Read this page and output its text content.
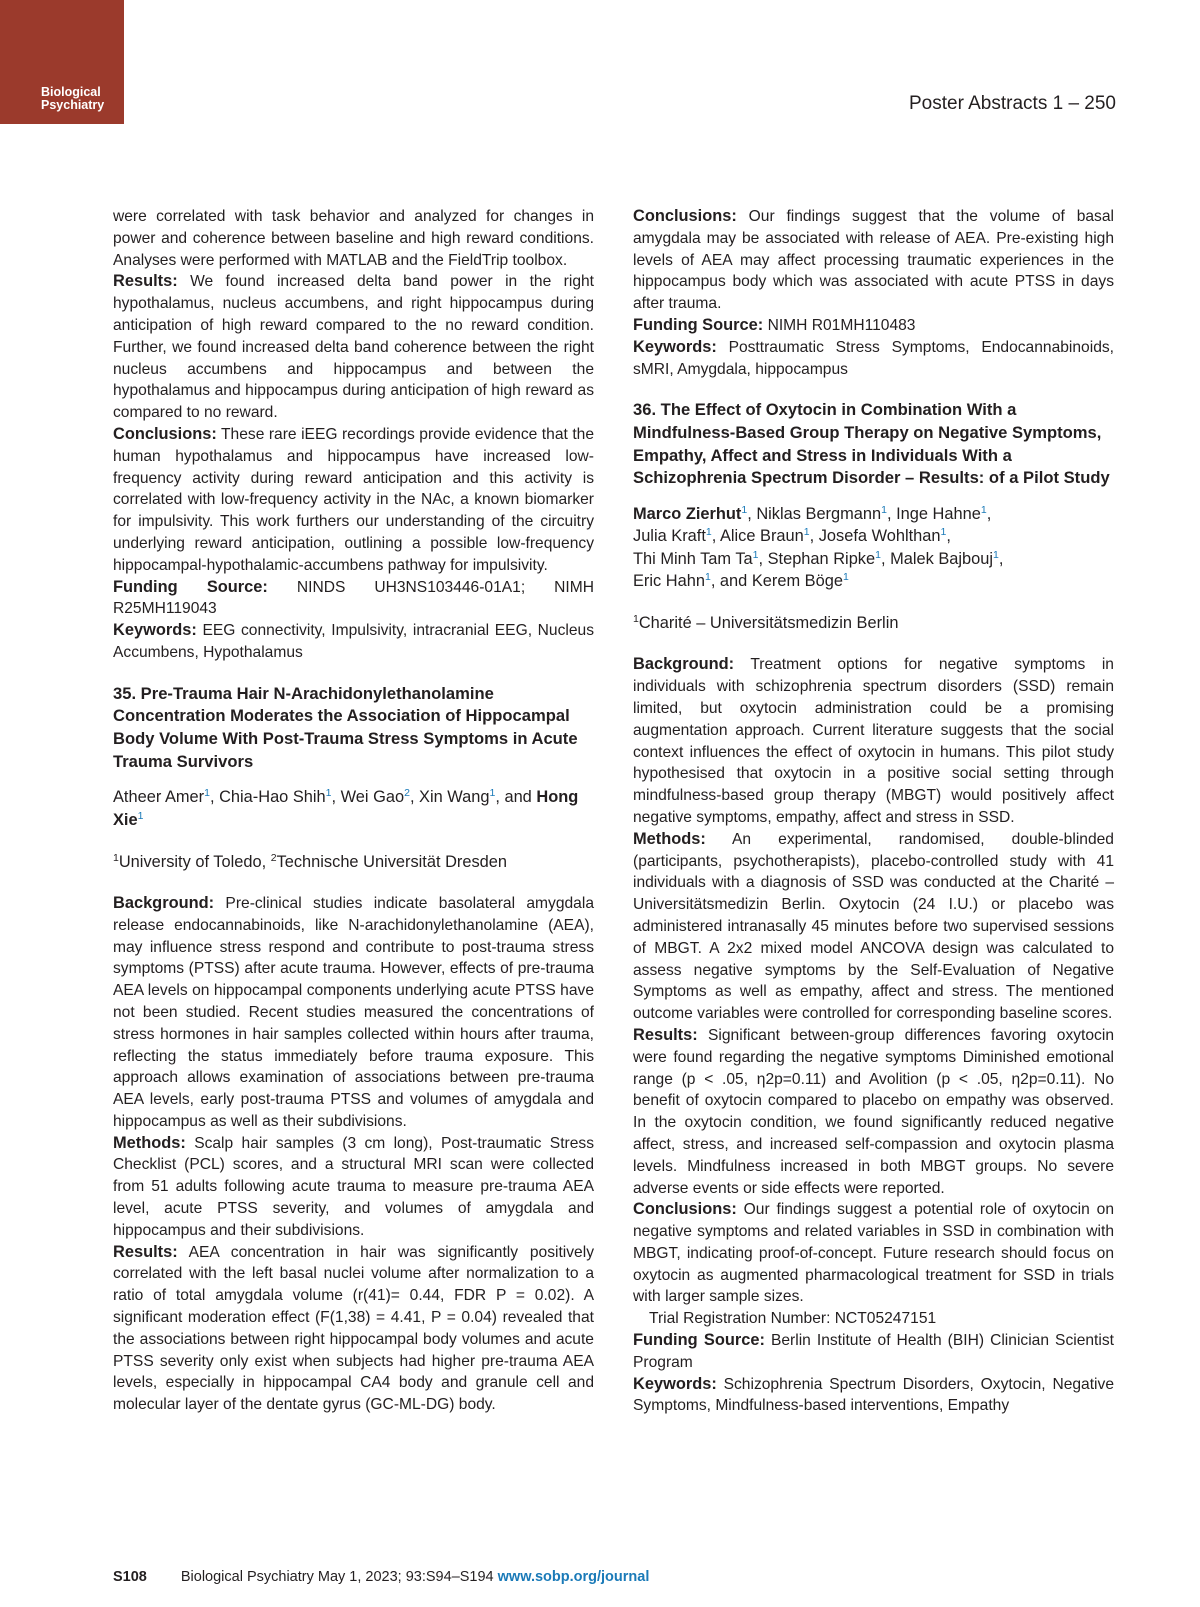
Biological
Psychiatry	Poster Abstracts 1 – 250

were correlated with task behavior and analyzed for changes in power and coherence between baseline and high reward conditions. Analyses were performed with MATLAB and the FieldTrip toolbox.

Results: We found increased delta band power in the right hypothalamus, nucleus accumbens, and right hippocampus during anticipation of high reward compared to the no reward condition. Further, we found increased delta band coherence between the right nucleus accumbens and hippocampus and between the hypothalamus and hippocampus during anticipation of high reward as compared to no reward.

Conclusions: These rare iEEG recordings provide evidence that the human hypothalamus and hippocampus have increased low-frequency activity during reward anticipation and this activity is correlated with low-frequency activity in the NAc, a known biomarker for impulsivity. This work furthers our understanding of the circuitry underlying reward anticipation, outlining a possible low-frequency hippocampal-hypothalamic-accumbens pathway for impulsivity.

Funding Source: NINDS UH3NS103446-01A1; NIMH R25MH119043

Keywords: EEG connectivity, Impulsivity, intracranial EEG, Nucleus Accumbens, Hypothalamus

35. Pre-Trauma Hair N-Arachidonylethanolamine Concentration Moderates the Association of Hippocampal Body Volume With Post-Trauma Stress Symptoms in Acute Trauma Survivors

Atheer Amer$^1$, Chia-Hao Shih$^1$, Wei Gao$^2$, Xin Wang$^1$, and Hong Xie$^1$

$^1$University of Toledo, $^2$Technische Universität Dresden

Background: Pre-clinical studies indicate basolateral amygdala release endocannabinoids, like N-arachidonylethanolamine (AEA), may influence stress respond and contribute to post-trauma stress symptoms (PTSS) after acute trauma. However, effects of pre-trauma AEA levels on hippocampal components underlying acute PTSS have not been studied. Recent studies measured the concentrations of stress hormones in hair samples collected within hours after trauma, reflecting the status immediately before trauma exposure. This approach allows examination of associations between pre-trauma AEA levels, early post-trauma PTSS and volumes of amygdala and hippocampus as well as their subdivisions.

Methods: Scalp hair samples (3 cm long), Post-traumatic Stress Checklist (PCL) scores, and a structural MRI scan were collected from 51 adults following acute trauma to measure pre-trauma AEA level, acute PTSS severity, and volumes of amygdala and hippocampus and their subdivisions.

Results: AEA concentration in hair was significantly positively correlated with the left basal nuclei volume after normalization to a ratio of total amygdala volume (r(41)= 0.44, FDR P = 0.02). A significant moderation effect (F(1,38) = 4.41, P = 0.04) revealed that the associations between right hippocampal body volumes and acute PTSS severity only exist when subjects had higher pre-trauma AEA levels, especially in hippocampal CA4 body and granule cell and molecular layer of the dentate gyrus (GC-ML-DG) body.

Conclusions: Our findings suggest that the volume of basal amygdala may be associated with release of AEA. Pre-existing high levels of AEA may affect processing traumatic experiences in the hippocampus body which was associated with acute PTSS in days after trauma.

Funding Source: NIMH R01MH110483

Keywords: Posttraumatic Stress Symptoms, Endocannabinoids, sMRI, Amygdala, hippocampus

36. The Effect of Oxytocin in Combination With a Mindfulness-Based Group Therapy on Negative Symptoms, Empathy, Affect and Stress in Individuals With a Schizophrenia Spectrum Disorder – Results: of a Pilot Study

Marco Zierhut$^1$, Niklas Bergmann$^1$, Inge Hahne$^1$,
Julia Kraft$^1$, Alice Braun$^1$, Josefa Wohlthan$^1$,
Thi Minh Tam Ta$^1$, Stephan Ripke$^1$, Malek Bajbouj$^1$,
Eric Hahn$^1$, and Kerem Böge$^1$

$^1$Charité – Universitätsmedizin Berlin

Background: Treatment options for negative symptoms in individuals with schizophrenia spectrum disorders (SSD) remain limited, but oxytocin administration could be a promising augmentation approach. Current literature suggests that the social context influences the effect of oxytocin in humans. This pilot study hypothesised that oxytocin in a positive social setting through mindfulness-based group therapy (MBGT) would positively affect negative symptoms, empathy, affect and stress in SSD.

Methods: An experimental, randomised, double-blinded (participants, psychotherapists), placebo-controlled study with 41 individuals with a diagnosis of SSD was conducted at the Charité – Universitätsmedizin Berlin. Oxytocin (24 I.U.) or placebo was administered intranasally 45 minutes before two supervised sessions of MBGT. A 2x2 mixed model ANCOVA design was calculated to assess negative symptoms by the Self-Evaluation of Negative Symptoms as well as empathy, affect and stress. The mentioned outcome variables were controlled for corresponding baseline scores.

Results: Significant between-group differences favoring oxytocin were found regarding the negative symptoms Diminished emotional range (p < .05, η2p=0.11) and Avolition (p < .05, η2p=0.11). No benefit of oxytocin compared to placebo on empathy was observed. In the oxytocin condition, we found significantly reduced negative affect, stress, and increased self-compassion and oxytocin plasma levels. Mindfulness increased in both MBGT groups. No severe adverse events or side effects were reported.

Conclusions: Our findings suggest a potential role of oxytocin on negative symptoms and related variables in SSD in combination with MBGT, indicating proof-of-concept. Future research should focus on oxytocin as augmented pharmacological treatment for SSD in trials with larger sample sizes.

Trial Registration Number: NCT05247151

Funding Source: Berlin Institute of Health (BIH) Clinician Scientist Program

Keywords: Schizophrenia Spectrum Disorders, Oxytocin, Negative Symptoms, Mindfulness-based interventions, Empathy

S108 Biological Psychiatry May 1, 2023; 93:S94–S194 www.sobp.org/journal
